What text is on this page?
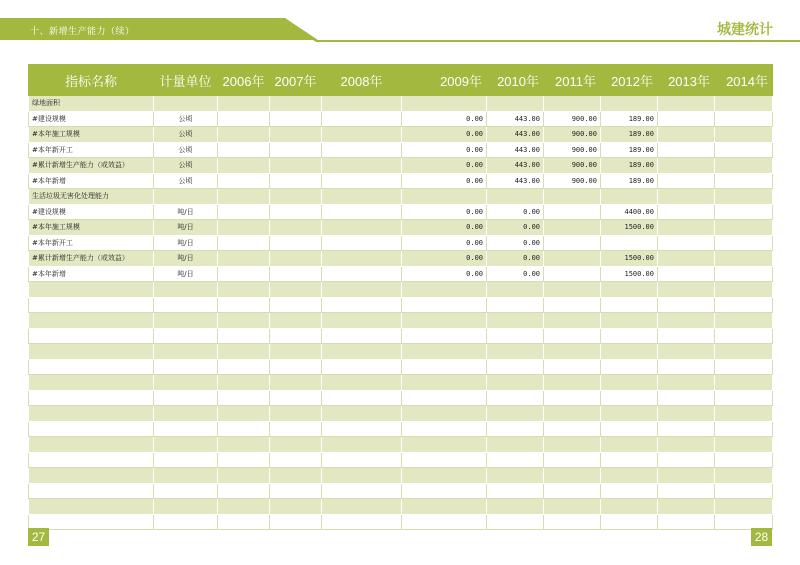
十、新增生产能力（续）	城建统计
指标名称	计量单位	2006年	2007年	2008年	2009年	2010年	2011年	2012年	2013年	2014年
绿地面积										
#建设规模	公顷				0.00	443.00	900.00	189.00		
#本年施工规模	公顷				0.00	443.00	900.00	189.00		
#本年新开工	公顷				0.00	443.00	900.00	189.00		
#累计新增生产能力（或效益）	公顷				0.00	443.00	900.00	189.00		
#本年新增	公顷				0.00	443.00	900.00	189.00		
生活垃圾无害化处理能力										
#建设规模	吨/日				0.00	0.00		4400.00		
#本年施工规模	吨/日				0.00	0.00		1500.00		
#本年新开工	吨/日				0.00	0.00				
#累计新增生产能力（或效益）	吨/日				0.00	0.00		1500.00		
#本年新增	吨/日				0.00	0.00		1500.00		

27	28
